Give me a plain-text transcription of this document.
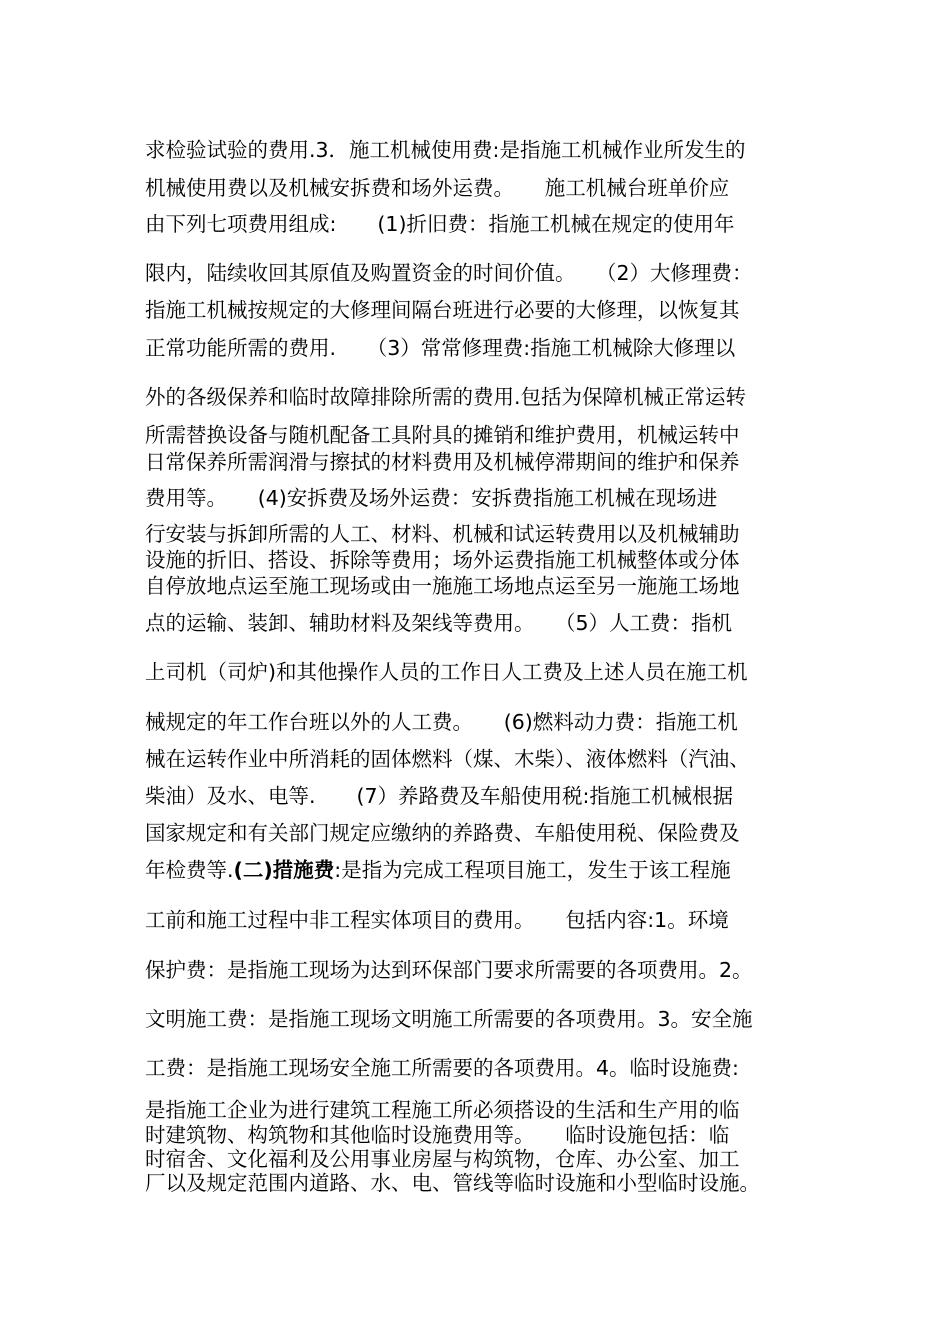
求检验试验的费用.3．施工机械使用费:是指施工机械作业所发生的
机械使用费以及机械安拆费和场外运费。　　施工机械台班单价应
由下列七项费用组成:　　(1)折旧费：指施工机械在规定的使用年
限内，陆续收回其原值及购置资金的时间价值。　　（2）大修理费：
指施工机械按规定的大修理间隔台班进行必要的大修理，以恢复其
正常功能所需的费用.　　（3）常常修理费:指施工机械除大修理以
外的各级保养和临时故障排除所需的费用.包括为保障机械正常运转
所需替换设备与随机配备工具附具的摊销和维护费用，机械运转中
日常保养所需润滑与擦拭的材料费用及机械停滞期间的维护和保养
费用等。　　(4)安拆费及场外运费：安拆费指施工机械在现场进
行安装与拆卸所需的人工、材料、机械和试运转费用以及机械辅助
设施的折旧、搭设、拆除等费用；场外运费指施工机械整体或分体
自停放地点运至施工现场或由一施施工场地点运至另一施施工场地
点的运输、装卸、辅助材料及架线等费用。　　（5）人工费：指机
上司机（司炉)和其他操作人员的工作日人工费及上述人员在施工机
械规定的年工作台班以外的人工费。　　(6)燃料动力费：指施工机
械在运转作业中所消耗的固体燃料（煤、木柴）、液体燃料（汽油、
柴油）及水、电等.　　(7）养路费及车船使用税:指施工机械根据
国家规定和有关部门规定应缴纳的养路费、车船使用税、保险费及
年检费等.(二)措施费:是指为完成工程项目施工，发生于该工程施
工前和施工过程中非工程实体项目的费用。　　包括内容:1。环境
保护费：是指施工现场为达到环保部门要求所需要的各项费用。2。
文明施工费：是指施工现场文明施工所需要的各项费用。3。安全施
工费：是指施工现场安全施工所需要的各项费用。4。临时设施费:
是指施工企业为进行建筑工程施工所必须搭设的生活和生产用的临
时建筑物、构筑物和其他临时设施费用等。　　临时设施包括：临
时宿舍、文化福利及公用事业房屋与构筑物，仓库、办公室、加工
厂以及规定范围内道路、水、电、管线等临时设施和小型临时设施。
